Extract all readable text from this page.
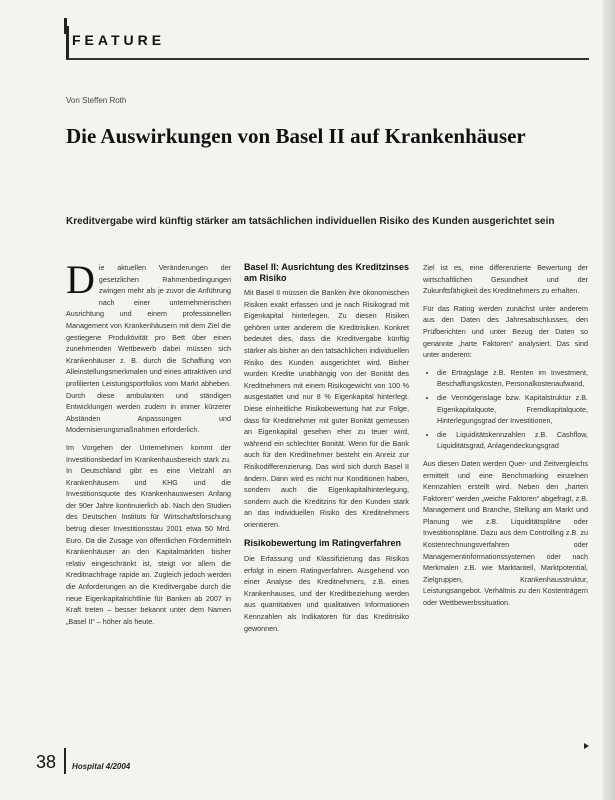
FEATURE
Von Steffen Roth
Die Auswirkungen von Basel II auf Krankenhäuser
Kreditvergabe wird künftig stärker am tatsächlichen individuellen Risiko des Kunden ausgerichtet sein

Die aktuellen Veränderungen der gesetzlichen Rahmenbedingungen zwingen mehr als je zuvor die Anführung nach einer unternehmerischen Ausrichtung und einem professionellen Management von Krankenhäusern mit dem Ziel die gestiegene Produktivität pro Bett über einen zunehmenden Wettbewerb dabei müssen sich Krankenhäuser z. B. durch die Schaffung von Alleinstellungsmerkmalen und eines attraktiven und profilierten Leistungsportfolios vom Markt abheben. Durch diese ambulanten und ständigen Entwicklungen werden zudem in immer kürzerer Abständen Anpassungen und Modernisierungsmaßnahmen erforderlich.

Im Vorgehen der Unternehmen kommt der Investitionsbedarf im Krankenhausbereich stark zu. In Deutschland gibt es eine Vielzahl an Krankenhäusern und KHG und die Investitionsquote des Krankenhauswesen Anfang der 90er Jahre kontinuierlich ab. Nach den Studien des Deutschen Instituts für Wirtschaftsforschung betrug dieser Investitionsstau 2001 etwa 50 Mrd. Euro. Da die Zusage von öffentlichen Fördermitteln Krankenhäuser an den Kapitalmärkten bisher relativ eingeschränkt ist, steigt vor allem die Kreditnachfrage rapide an. Zugleich jedoch werden die Anforderungen an die Kreditvergabe durch die neue Eigenkapitalrichtlinie für Banken ab 2007 in Kraft treten – besser bekannt unter dem Namen „Basel II“ – höher als heute.

Basel II: Ausrichtung des Kreditzinses am Risiko

Mit Basel II müssen die Banken ihre ökonomischen Risiken exakt erfassen und je nach Risikograd mit Eigenkapital hinterlegen. Zu diesen Risiken gehören unter anderem die Kreditrisiken. Konkret bedeutet dies, dass die Kreditvergabe künftig stärker als bisher an den tatsächlichen individuellen Risiko des Kunden ausgerichtet wird. Bisher wurden Kredite unabhängig von der Bonität des Kreditnehmers mit einem Risikogewicht von 100 % ausgestattet und nur 8 % Eigenkapital hinterlegt. Diese einheitliche Risikobewertung hat zur Folge, dass für Kreditnehmer mit guter Bonität gemessen an Eigenkapital gesehen eher zu teuer wird, während ein schlechter Bonität. Wenn für die Bank auch für den Kreditnehmer besteht ein Anreiz zur Risikodifferenzierung. Das wird sich durch Basel II ändern. Dann wird es nicht nur Konditionen haben, sondern auch die Eigenkapitalhinterlegung, sondern auch die Kreditzins für den Kunden stark an das individuellen Risiko des Kreditnehmers orientieren.

Risikobewertung im Ratingverfahren

Die Erfassung und Klassifizierung das Risikos erfolgt in einem Ratingverfahren. Ausgehend von einer Analyse des Kreditnehmers, z.B. eines Krankenhauses, und der Kreditbeziehung werden aus quantitativen und qualitativen Informationen Kennzahlen als Indikatoren für das Kreditrisiko gewonnen.

Ziel ist es, eine differenzierte Bewertung der wirtschaftlichen Gesundheit und der Zukunftsfähigkeit des Kreditnehmers zu erhalten.

Für das Rating werden zunächst unter anderem aus den Daten des Jahresabschlusses, den Prüfberichten und unter Bezug der Daten so genannte „harte Faktoren“ analysiert. Das sind unter anderem:

• die Ertragslage z.B. Renten im Investment, Beschaffungskosten, Personalkostenaufwand,
• die Vermögenslage bzw. Kapitalstruktur z.B. Eigenkapitalquote, Fremdkapitalquote, Hinterlegungsgrad der Investitionen,
• die Liquiditätskennzahlen z.B. Cashflow, Liquiditätsgrad, Anlagendeckungsgrad

Aus diesen Daten werden Quer- und Zeitvergleichs ermittelt und eine Benchmarking einzelnen Kennzahlen erstellt wird. Neben den „harten Faktoren“ werden „weiche Faktoren“ abgefragt, z.B. Management und Branche, Stellung am Markt und Planung wie z.B. Liquiditätspläne oder Investitionspläne. Dazu aus dem Controlling z.B. zu Kostenrechnungsverfahren oder Managementinformationssystemen oder nach Merkmalen z.B. wie Marktanteil, Marktpotential, Zielgruppen, Krankenhausstruktur, Leistungsangebot. Verhältnis zu den Kostenträgern oder Wettbewerbssituation.

38 Hospital 4/2004
